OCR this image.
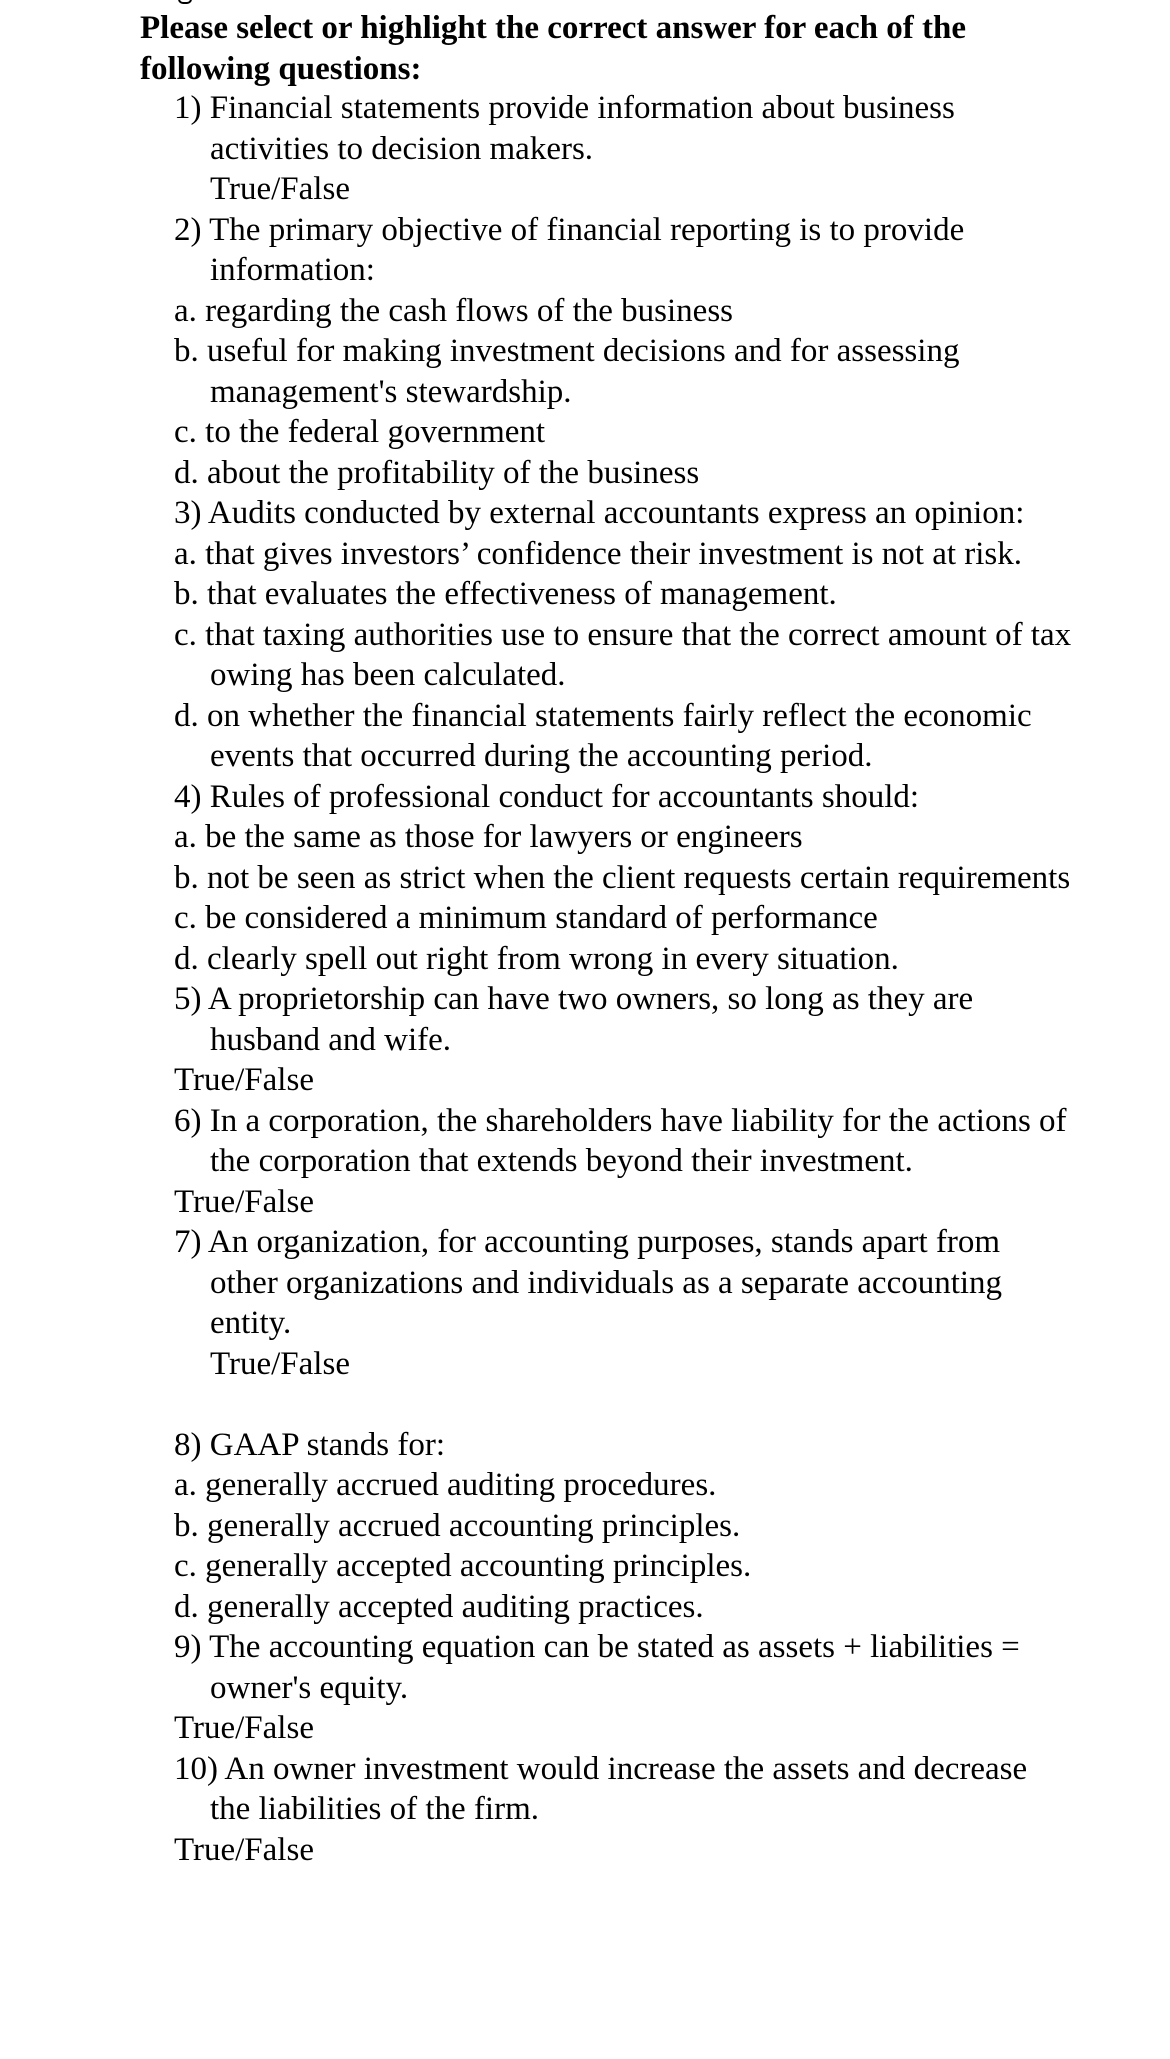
Please select or highlight the correct answer for each of the following questions:

1) Financial statements provide information about business activities to decision makers.

True/False

2) The primary objective of financial reporting is to provide information:

a. regarding the cash flows of the business

b. useful for making investment decisions and for assessing management's stewardship.

c. to the federal government

d. about the profitability of the business

3) Audits conducted by external accountants express an opinion:

a. that gives investors’ confidence their investment is not at risk.

b. that evaluates the effectiveness of management.

c. that taxing authorities use to ensure that the correct amount of tax owing has been calculated.

d. on whether the financial statements fairly reflect the economic events that occurred during the accounting period.

4) Rules of professional conduct for accountants should:

a. be the same as those for lawyers or engineers

b. not be seen as strict when the client requests certain requirements

c. be considered a minimum standard of performance

d. clearly spell out right from wrong in every situation.

5) A proprietorship can have two owners, so long as they are husband and wife.

True/False

6) In a corporation, the shareholders have liability for the actions of the corporation that extends beyond their investment.

True/False

7) An organization, for accounting purposes, stands apart from other organizations and individuals as a separate accounting entity.

True/False

8) GAAP stands for:

a. generally accrued auditing procedures.

b. generally accrued accounting principles.

c. generally accepted accounting principles.

d. generally accepted auditing practices.

9) The accounting equation can be stated as assets + liabilities = owner's equity.

True/False

10) An owner investment would increase the assets and decrease the liabilities of the firm.

True/False
